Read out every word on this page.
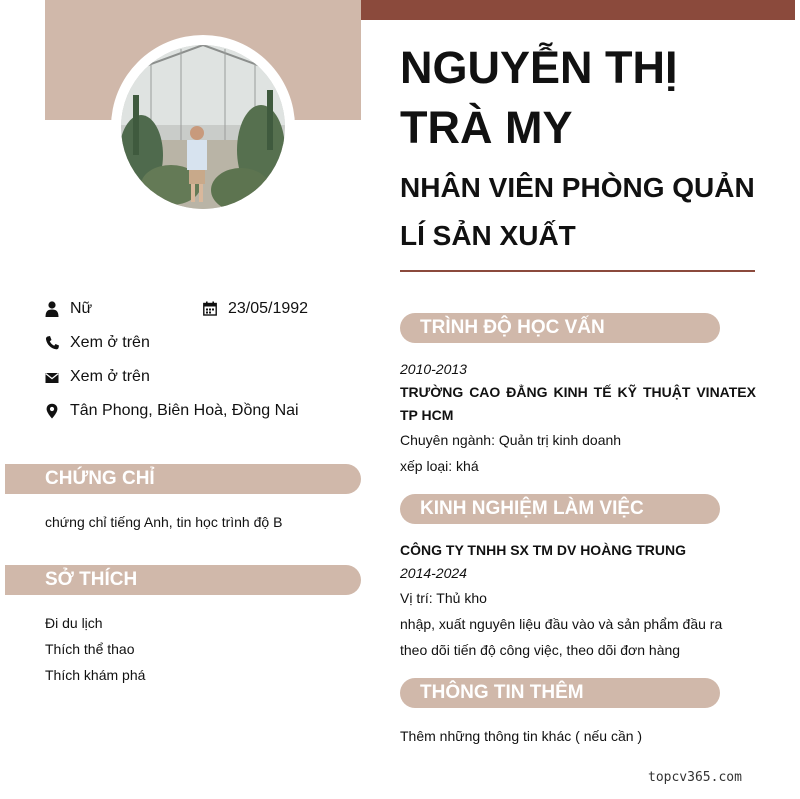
NGUYỄN THỊ TRÀ MY
NHÂN VIÊN PHÒNG QUẢN LÍ SẢN XUẤT
Nữ	23/05/1992
Xem ở trên
Xem ở trên
Tân Phong, Biên Hoà, Đồng Nai
CHỨNG CHỈ
chứng chỉ tiếng Anh, tin học trình độ B
SỞ THÍCH
Đi du lịch
Thích thể thao
Thích khám phá
TRÌNH ĐỘ HỌC VẤN
2010-2013
TRƯỜNG CAO ĐẲNG KINH TẾ KỸ THUẬT VINATEX TP HCM
Chuyên ngành: Quản trị kinh doanh
xếp loại: khá
KINH NGHIỆM LÀM VIỆC
CÔNG TY TNHH SX TM DV HOÀNG TRUNG
2014-2024
Vị trí: Thủ kho
nhập, xuất nguyên liệu đầu vào và sản phẩm đầu ra
theo dõi tiến độ công việc, theo dõi đơn hàng
THÔNG TIN THÊM
Thêm những thông tin khác ( nếu cần )
topcv365.com
